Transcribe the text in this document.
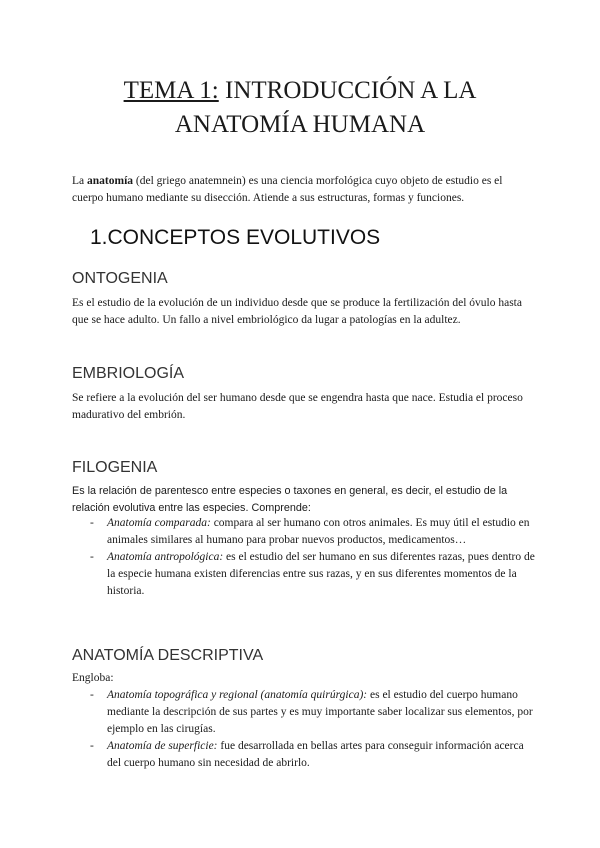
TEMA 1: INTRODUCCIÓN A LA
ANATOMÍA HUMANA

La anatomía (del griego anatemnein) es una ciencia morfológica cuyo objeto de estudio es el cuerpo humano mediante su disección. Atiende a sus estructuras, formas y funciones.

1.CONCEPTOS EVOLUTIVOS
ONTOGENIA

Es el estudio de la evolución de un individuo desde que se produce la fertilización del óvulo hasta que se hace adulto. Un fallo a nivel embriológico da lugar a patologías en la adultez.

EMBRIOLOGÍA

Se refiere a la evolución del ser humano desde que se engendra hasta que nace. Estudia el proceso madurativo del embrión.

FILOGENIA

Es la relación de parentesco entre especies o taxones en general, es decir, el estudio de la relación evolutiva entre las especies. Comprende:

- Anatomía comparada: compara al ser humano con otros animales. Es muy útil el estudio en animales similares al humano para probar nuevos productos, medicamentos…
- Anatomía antropológica: es el estudio del ser humano en sus diferentes razas, pues dentro de la especie humana existen diferencias entre sus razas, y en sus diferentes momentos de la historia.
ANATOMÍA DESCRIPTIVA

Engloba:

- Anatomía topográfica y regional (anatomía quirúrgica): es el estudio del cuerpo humano mediante la descripción de sus partes y es muy importante saber localizar sus elementos, por ejemplo en las cirugías.
- Anatomía de superficie: fue desarrollada en bellas artes para conseguir información acerca del cuerpo humano sin necesidad de abrirlo.
